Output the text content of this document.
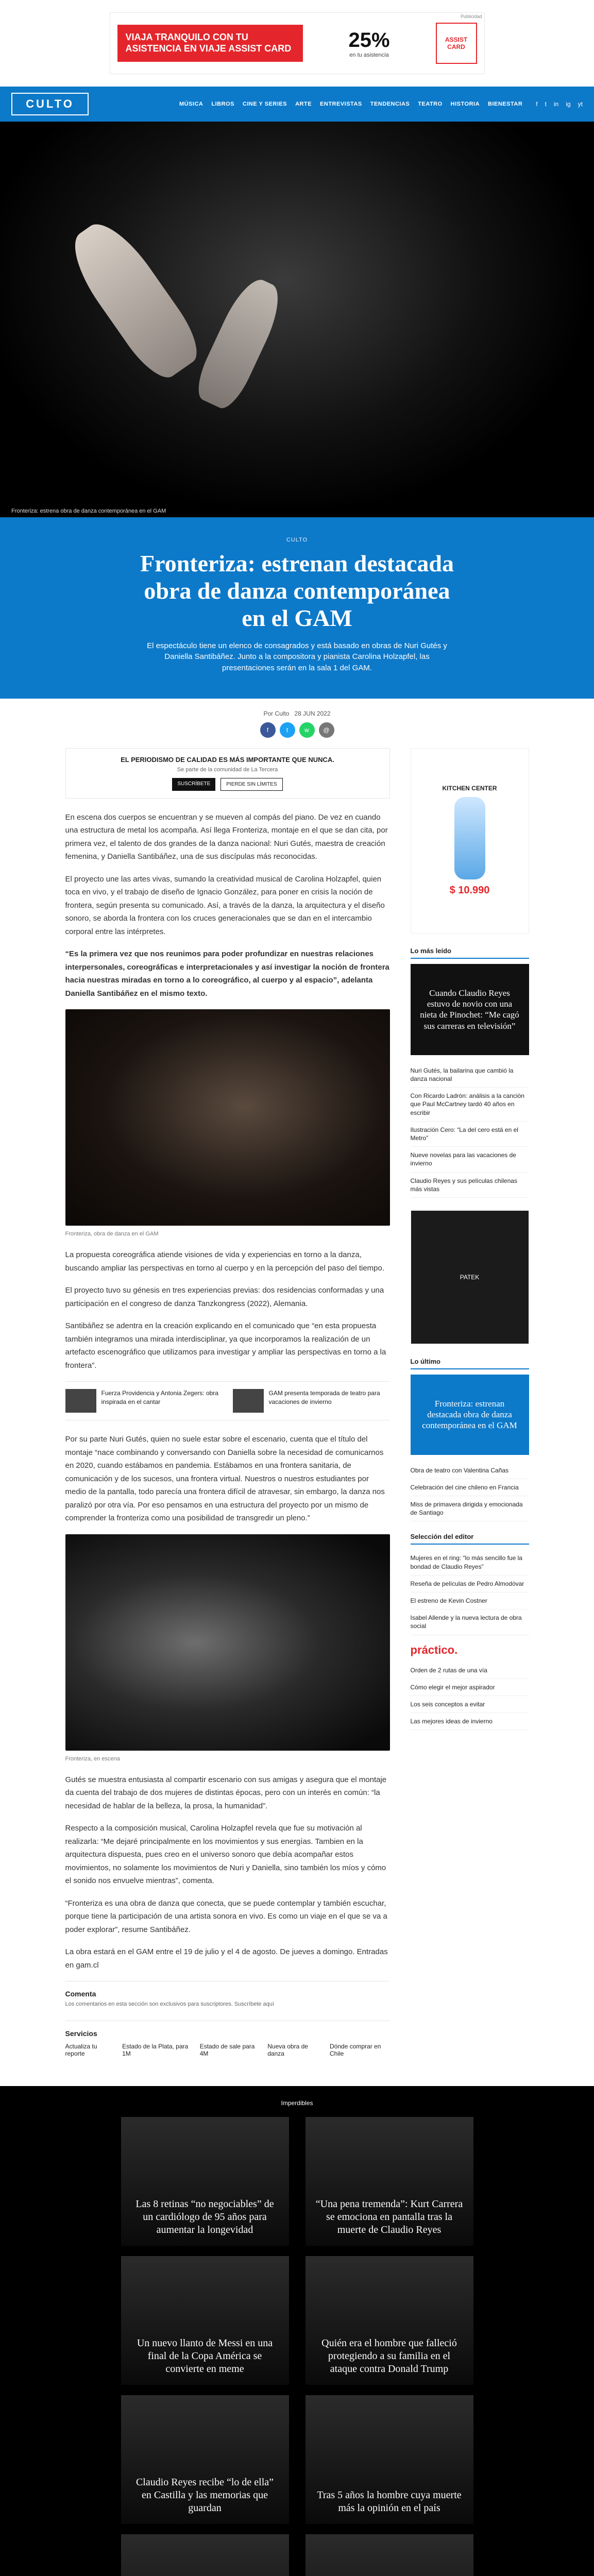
Publicidad
VIAJA TRANQUILO CON TU ASISTENCIA EN VIAJE ASSIST CARD	25%
en tu asistencia
ASSIST
CARD
CULTO	MÚSICA LIBROS CINE Y SERIES ARTE ENTREVISTAS TENDENCIAS TEATRO HISTORIA BIENESTAR f t in ig yt
Fronteriza: estrena obra de danza contemporánea en el GAM
CULTO
Fronteriza: estrenan destacada obra de danza contemporánea en el GAM
El espectáculo tiene un elenco de consagrados y está basado en obras de Nuri Gutés y Daniella Santibáñez. Junto a la compositora y pianista Carolina Holzapfel, las presentaciones serán en la sala 1 del GAM.
Por Culto 28 JUN 2022
f	t	w	@
EL PERIODISMO DE CALIDAD ES MÁS IMPORTANTE QUE NUNCA.
Se parte de la comunidad de La Tercera
SUSCRÍBETE	PIERDE SIN LÍMITES

En escena dos cuerpos se encuentran y se mueven al compás del piano. De vez en cuando una estructura de metal los acompaña. Así llega Fronteriza, montaje en el que se dan cita, por primera vez, el talento de dos grandes de la danza nacional: Nuri Gutés, maestra de creación femenina, y Daniella Santibáñez, una de sus discípulas más reconocidas.

El proyecto une las artes vivas, sumando la creatividad musical de Carolina Holzapfel, quien toca en vivo, y el trabajo de diseño de Ignacio González, para poner en crisis la noción de frontera, según presenta su comunicado. Así, a través de la danza, la arquitectura y el diseño sonoro, se aborda la frontera con los cruces generacionales que se dan en el intercambio corporal entre las intérpretes.

“Es la primera vez que nos reunimos para poder profundizar en nuestras relaciones interpersonales, coreográficas e interpretacionales y así investigar la noción de frontera hacia nuestras miradas en torno a lo coreográfico, al cuerpo y al espacio”, adelanta Daniella Santibáñez en el mismo texto.

Fronteriza, obra de danza en el GAM

La propuesta coreográfica atiende visiones de vida y experiencias en torno a la danza, buscando ampliar las perspectivas en torno al cuerpo y en la percepción del paso del tiempo.

El proyecto tuvo su génesis en tres experiencias previas: dos residencias conformadas y una participación en el congreso de danza Tanzkongress (2022), Alemania.

Santibáñez se adentra en la creación explicando en el comunicado que “en esta propuesta también integramos una mirada interdisciplinar, ya que incorporamos la realización de un artefacto escenográfico que utilizamos para investigar y ampliar las perspectivas en torno a la frontera”.

Fuerza Providencia y Antonia Zegers: obra inspirada en el cantar
GAM presenta temporada de teatro para vacaciones de invierno

Por su parte Nuri Gutés, quien no suele estar sobre el escenario, cuenta que el título del montaje “nace combinando y conversando con Daniella sobre la necesidad de comunicarnos en 2020, cuando estábamos en pandemia. Estábamos en una frontera sanitaria, de comunicación y de los sucesos, una frontera virtual. Nuestros o nuestros estudiantes por medio de la pantalla, todo parecía una frontera difícil de atravesar, sin embargo, la danza nos paralizó por otra vía. Por eso pensamos en una estructura del proyecto por un mismo de comprender la fronteriza como una posibilidad de transgredir un pleno.”

Fronteriza, en escena

Gutés se muestra entusiasta al compartir escenario con sus amigas y asegura que el montaje da cuenta del trabajo de dos mujeres de distintas épocas, pero con un interés en común: “la necesidad de hablar de la belleza, la prosa, la humanidad”.

Respecto a la composición musical, Carolina Holzapfel revela que fue su motivación al realizarla: “Me dejaré principalmente en los movimientos y sus energías. Tambien en la arquitectura dispuesta, pues creo en el universo sonoro que debía acompañar estos movimientos, no solamente los movimientos de Nuri y Daniella, sino también los míos y cómo el sonido nos envuelve mientras”, comenta.

“Fronteriza es una obra de danza que conecta, que se puede contemplar y también escuchar, porque tiene la participación de una artista sonora en vivo. Es como un viaje en el que se va a poder explorar”, resume Santibáñez.

La obra estará en el GAM entre el 19 de julio y el 4 de agosto. De jueves a domingo. Entradas en gam.cl

Comenta
Los comentarios en esta sección son exclusivos para suscriptores. Suscríbete aquí
Servicios
Actualiza tu reporte
Estado de la Plata, para 1M
Estado de sale para 4M
Nueva obra de danza
Dónde comprar en Chile
KITCHEN CENTER
$ 10.990
Lo más leído
Cuando Claudio Reyes estuvo de novio con una nieta de Pinochet: “Me cagó sus carreras en televisión”
Nuri Gutés, la bailarina que cambió la danza nacional
Con Ricardo Ladrón: análisis a la canción que Paul McCartney tardó 40 años en escribir
Ilustración Cero: “La del cero está en el Metro”
Nueve novelas para las vacaciones de invierno
Claudio Reyes y sus películas chilenas más vistas
PATEK
Lo último
Fronteriza: estrenan destacada obra de danza contemporánea en el GAM
Obra de teatro con Valentina Cañas
Celebración del cine chileno en Francia
Miss de primavera dirigida y emocionada de Santiago
Selección del editor
Mujeres en el ring: “lo más sencillo fue la bondad de Claudio Reyes”
Reseña de películas de Pedro Almodóvar
El estreno de Kevin Costner
Isabel Allende y la nueva lectura de obra social
práctico.
Orden de 2 rutas de una vía
Cómo elegir el mejor aspirador
Los seis conceptos a evitar
Las mejores ideas de invierno
Imperdibles
Las 8 retinas “no negociables” de un cardiólogo de 95 años para aumentar la longevidad
“Una pena tremenda”: Kurt Carrera se emociona en pantalla tras la muerte de Claudio Reyes
Un nuevo llanto de Messi en una final de la Copa América se convierte en meme
Quién era el hombre que falleció protegiendo a su familia en el ataque contra Donald Trump
Claudio Reyes recibe “lo de ella” en Castilla y las memorias que guardan
Tras 5 años la hombre cuya muerte más la opinión en el país
